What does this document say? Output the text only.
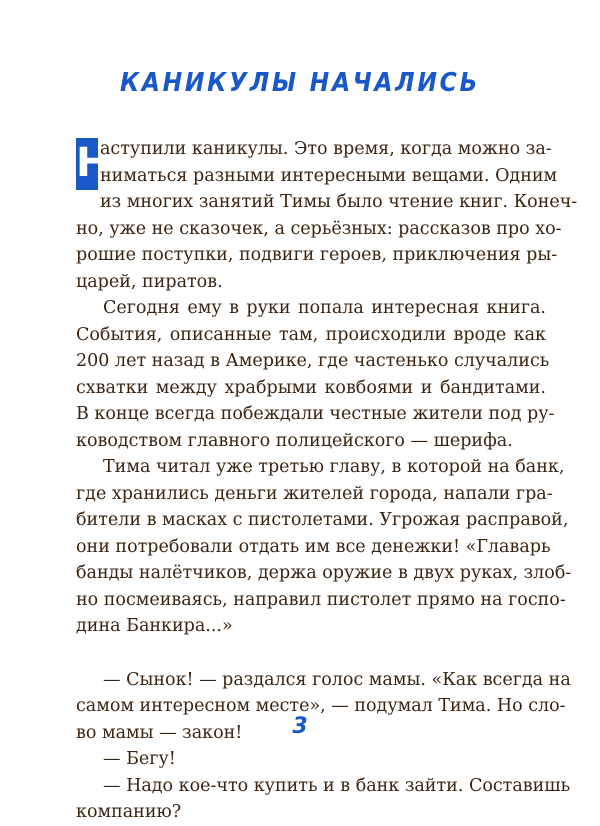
КАНИКУЛЫ НАЧАЛИСЬ
Н
аступили каникулы. Это время, когда можно за-
ниматься разными интересными вещами. Одним
из многих занятий Тимы было чтение книг. Конеч-
но, уже не сказочек, а серьёзных: рассказов про хо-
рошие поступки, подвиги героев, приключения ры-
царей, пиратов.
Сегодня ему в руки попала интересная книга.
События, описанные там, происходили вроде как
200 лет назад в Америке, где частенько случались
схватки между храбрыми ковбоями и бандитами.
В конце всегда побеждали честные жители под ру-
ководством главного полицейского — шерифа.
Тима читал уже третью главу, в которой на банк,
где хранились деньги жителей города, напали гра-
бители в масках с пистолетами. Угрожая расправой,
они потребовали отдать им все денежки! «Главарь
банды налётчиков, держа оружие в двух руках, злоб-
но посмеиваясь, направил пистолет прямо на госпо-
дина Банкира...»
— Сынок! — раздался голос мамы. «Как всегда на
самом интересном месте», — подумал Тима. Но сло-
во мамы — закон!
— Бегу!
— Надо кое-что купить и в банк зайти. Составишь
компанию?
3
